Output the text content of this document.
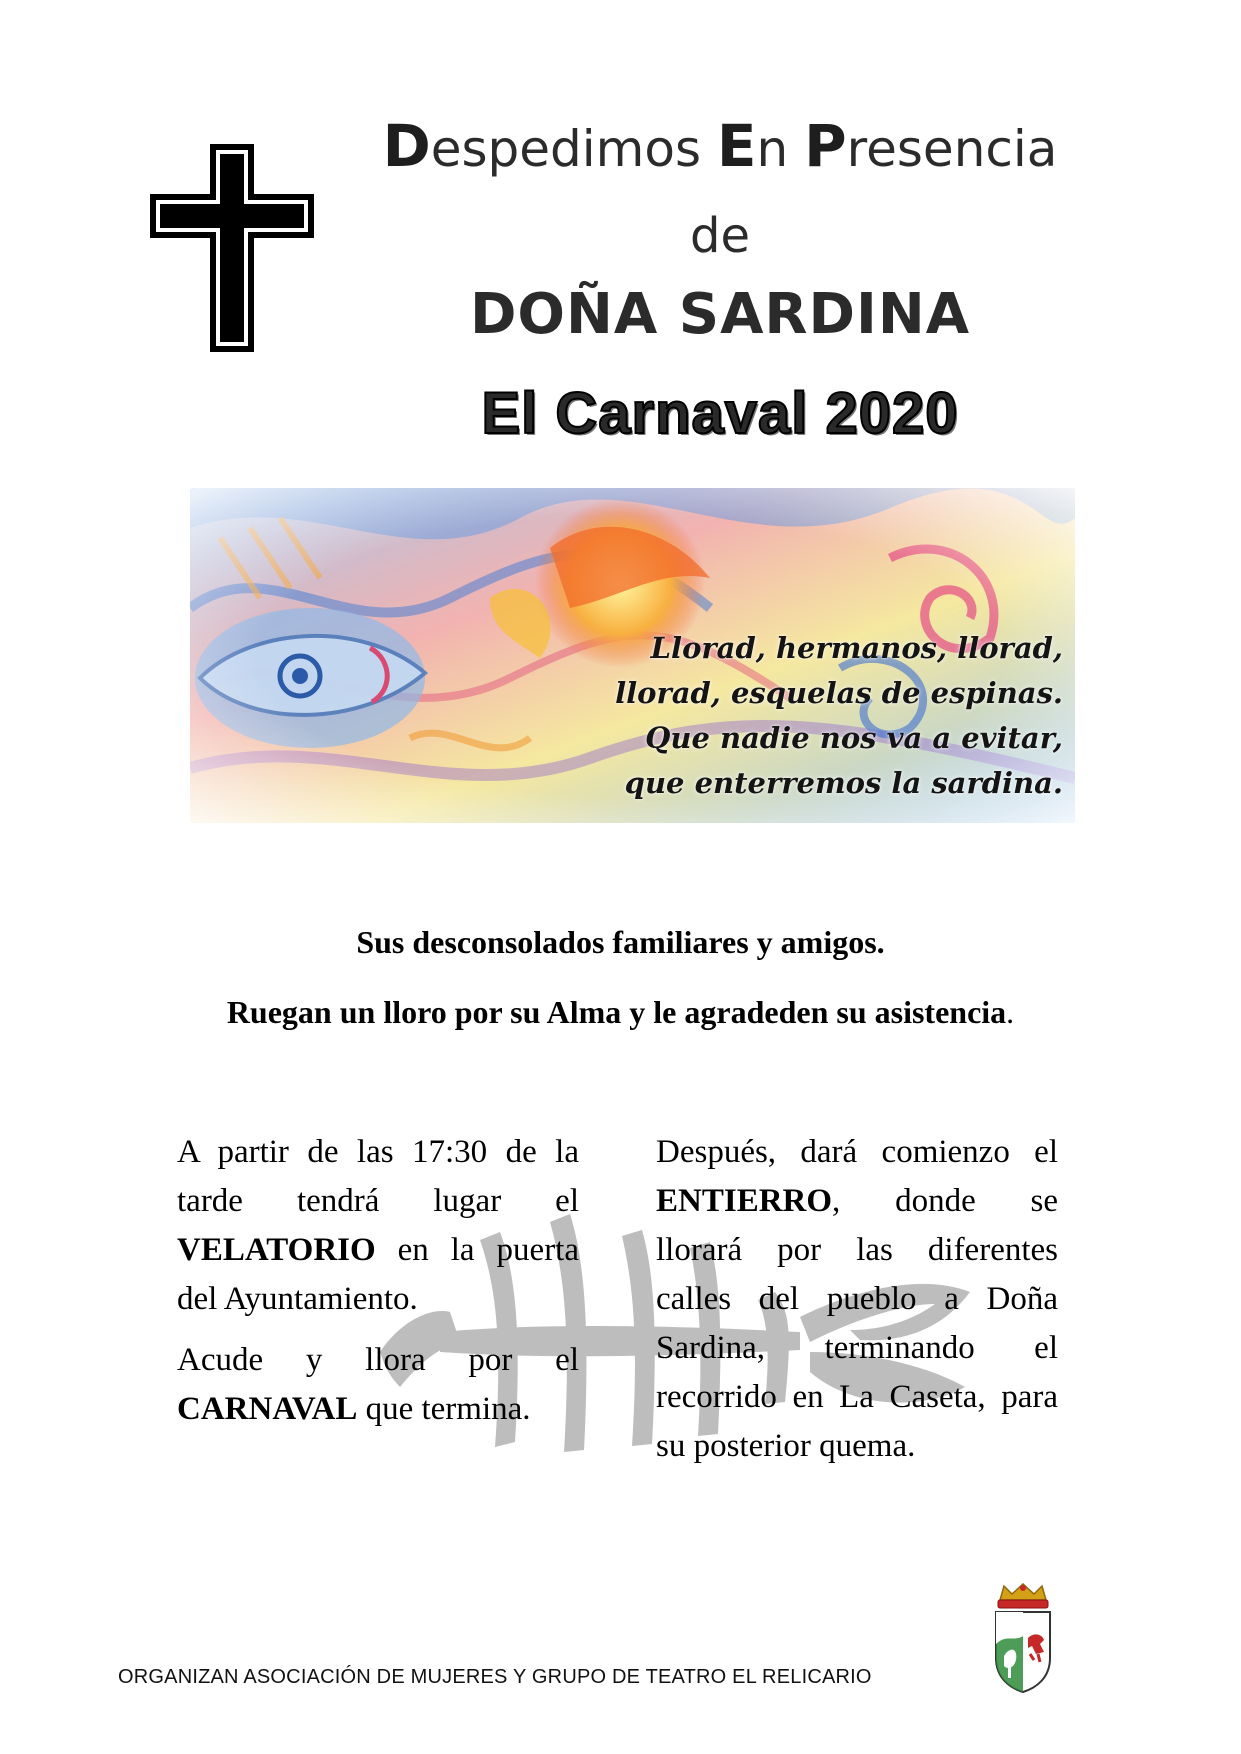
Despedimos En Presencia
de
DOÑA SARDINA
El Carnaval 2020
Llorad, hermanos, llorad,
llorad, esquelas de espinas.
Que nadie nos va a evitar,
que enterremos la sardina.
Sus desconsolados familiares y amigos.
Ruegan un lloro por su Alma y le agradeden su asistencia.

A partir de las 17:30 de la tarde tendrá lugar el VELATORIO en la puerta del Ayuntamiento.

Acude y llora por el CARNAVAL que termina.

Después, dará comienzo el ENTIERRO, donde se llorará por las diferentes calles del pueblo a Doña Sardina, terminando el recorrido en La Caseta, para su posterior quema.

ORGANIZAN ASOCIACIÓN DE MUJERES Y GRUPO DE TEATRO EL RELICARIO
